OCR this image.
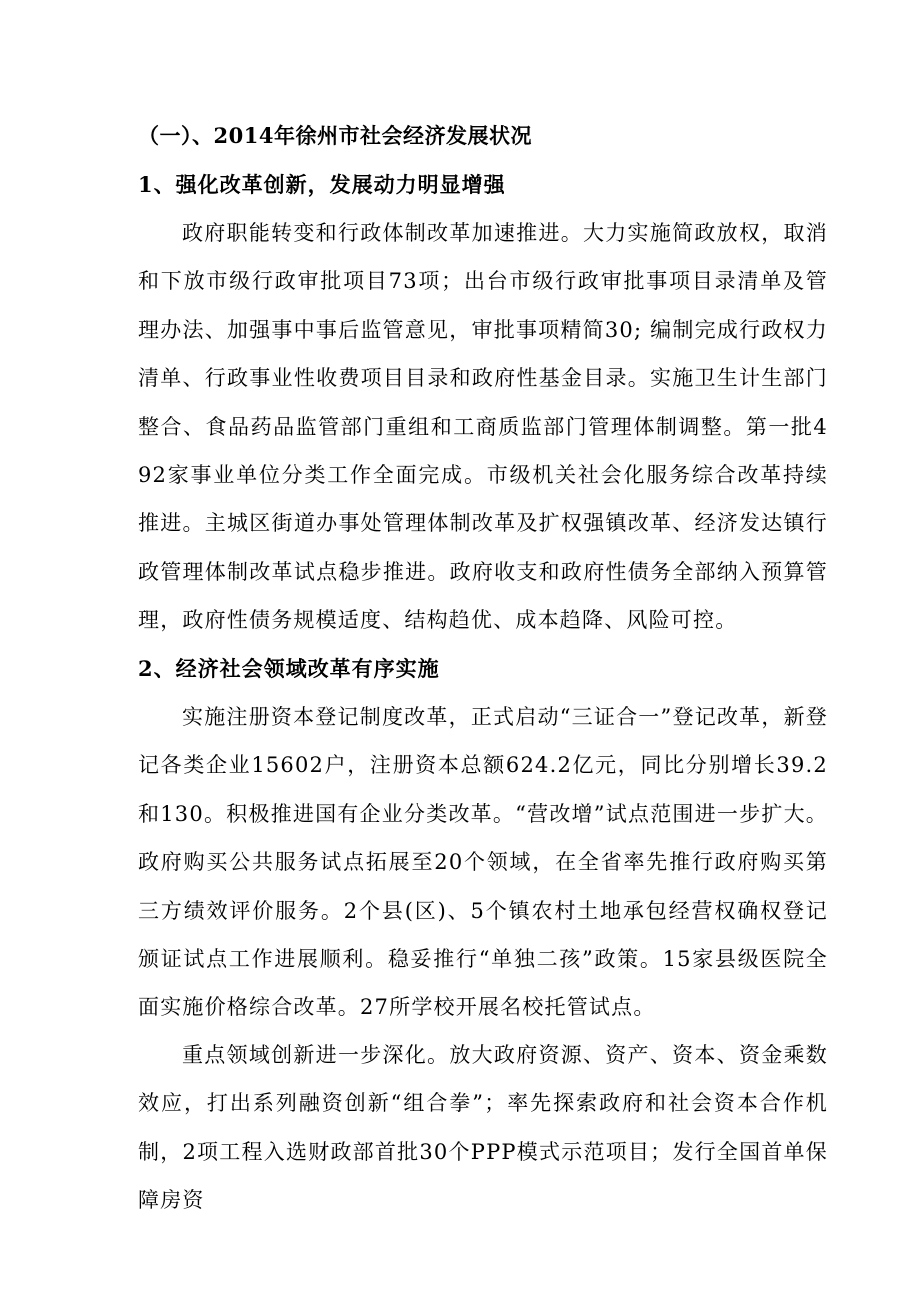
（一）、2014年徐州市社会经济发展状况
1、强化改革创新，发展动力明显增强
政府职能转变和行政体制改革加速推进。大力实施简政放权，取消和下放市级行政审批项目73项；出台市级行政审批事项目录清单及管理办法、加强事中事后监管意见，审批事项精简30; 编制完成行政权力清单、行政事业性收费项目目录和政府性基金目录。实施卫生计生部门整合、食品药品监管部门重组和工商质监部门管理体制调整。第一批492家事业单位分类工作全面完成。市级机关社会化服务综合改革持续推进。主城区街道办事处管理体制改革及扩权强镇改革、经济发达镇行政管理体制改革试点稳步推进。政府收支和政府性债务全部纳入预算管理，政府性债务规模适度、结构趋优、成本趋降、风险可控。
2、经济社会领域改革有序实施
实施注册资本登记制度改革，正式启动“三证合一”登记改革，新登记各类企业15602户，注册资本总额624.2亿元，同比分别增长39.2和130。积极推进国有企业分类改革。“营改增”试点范围进一步扩大。政府购买公共服务试点拓展至20个领域，在全省率先推行政府购买第三方绩效评价服务。2个县(区)、5个镇农村土地承包经营权确权登记颁证试点工作进展顺利。稳妥推行“单独二孩”政策。15家县级医院全面实施价格综合改革。27所学校开展名校托管试点。
重点领域创新进一步深化。放大政府资源、资产、资本、资金乘数效应，打出系列融资创新“组合拳”；率先探索政府和社会资本合作机制，2项工程入选财政部首批30个PPP模式示范项目；发行全国首单保障房资
